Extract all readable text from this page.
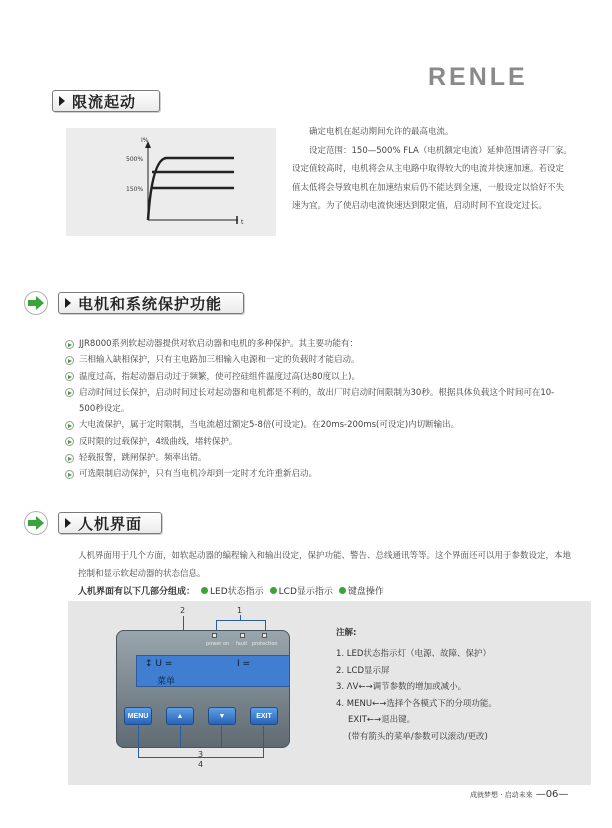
RENLE
限流起动
I%
500%
150%
t

确定电机在起动期间允许的最高电流。

设定范围：150—500% FLA（电机额定电流）延伸范围请咨寻厂家。设定值较高时，电机将会从主电路中取得较大的电流并快速加速。若设定值太低将会导致电机在加速结束后仍不能达到全速，一般设定以恰好不失速为宜。为了使启动电流快速达到限定值，启动时间不宜设定过长。

电机和系统保护功能
JJR8000系列软起动器提供对软启动器和电机的多种保护。其主要功能有：
三相输入缺相保护，只有主电路加三相输入电源和一定的负载时才能启动。
温度过高，指起动器启动过于频繁，使可控硅组件温度过高(达80度以上)。
启动时间过长保护，启动时间过长对起动器和电机都是不利的，故出厂时启动时间限制为30秒。根据具体负载这个时间可在10-500秒设定。
大电流保护，属于定时限制，当电流超过额定5-8倍(可设定)。在20ms-200ms(可设定)内切断输出。
反时限的过载保护，4级曲线，堵转保护。
轻载报警，跳闸保护。频率出错。
可选限制启动保护，只有当电机冷却到一定时才允许重新启动。
人机界面
人机界面用于几个方面，如软起动器的编程输入和输出设定，保护功能、警告、总线通讯等等。这个界面还可以用于参数设定，本地控制和显示软起动器的状态信息。
人机界面有以下几部分组成： LED状态指示 LCD显示指示 键盘操作
2	1
power on fault protection
↕ U =	I =
菜单
MENU	▲	▼	EXIT
3
4
注解:
1. LED状态指示灯（电源、故障、保护）
2. LCD显示屏
3. ΛV←→调节参数的增加或减小。
4. MENU←→选择个各模式下的分项功能。
EXIT←→退出键。
(带有箭头的菜单/参数可以滚动/更改)
成就梦想 · 启动未来 —06—
